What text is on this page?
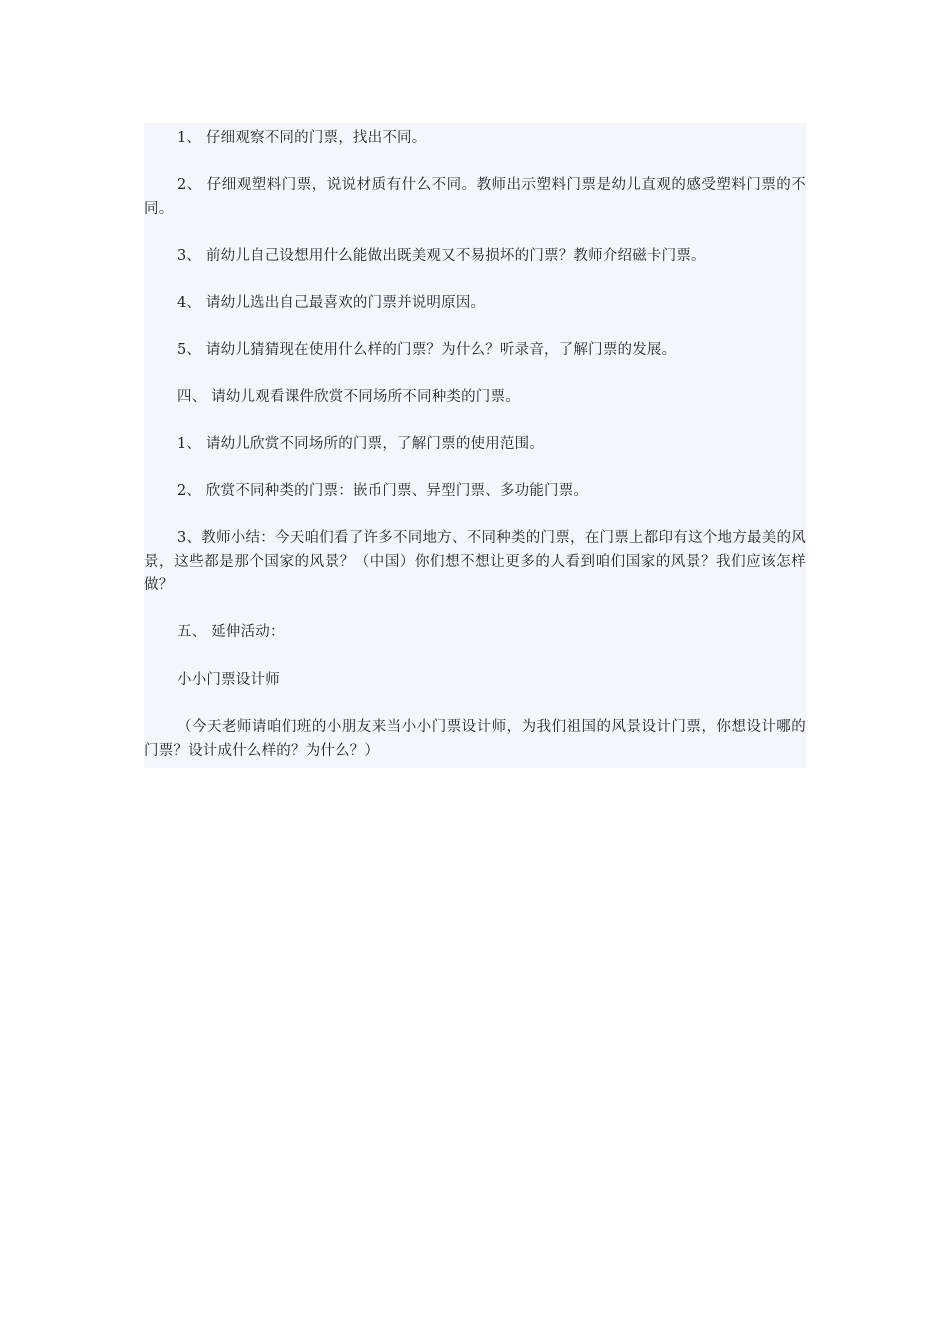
1、 仔细观察不同的门票，找出不同。

2、 仔细观塑料门票，说说材质有什么不同。教师出示塑料门票是幼儿直观的感受塑料门票的不同。

3、 前幼儿自己设想用什么能做出既美观又不易损坏的门票？教师介绍磁卡门票。

4、 请幼儿选出自己最喜欢的门票并说明原因。

5、 请幼儿猜猜现在使用什么样的门票？为什么？听录音，了解门票的发展。

四、 请幼儿观看课件欣赏不同场所不同种类的门票。

1、 请幼儿欣赏不同场所的门票，了解门票的使用范围。

2、 欣赏不同种类的门票：嵌币门票、异型门票、多功能门票。

3、教师小结：今天咱们看了许多不同地方、不同种类的门票，在门票上都印有这个地方最美的风景，这些都是那个国家的风景？（中国）你们想不想让更多的人看到咱们国家的风景？我们应该怎样做？

五、 延伸活动：

小小门票设计师

（今天老师请咱们班的小朋友来当小小门票设计师，为我们祖国的风景设计门票，你想设计哪的门票？设计成什么样的？为什么？）
